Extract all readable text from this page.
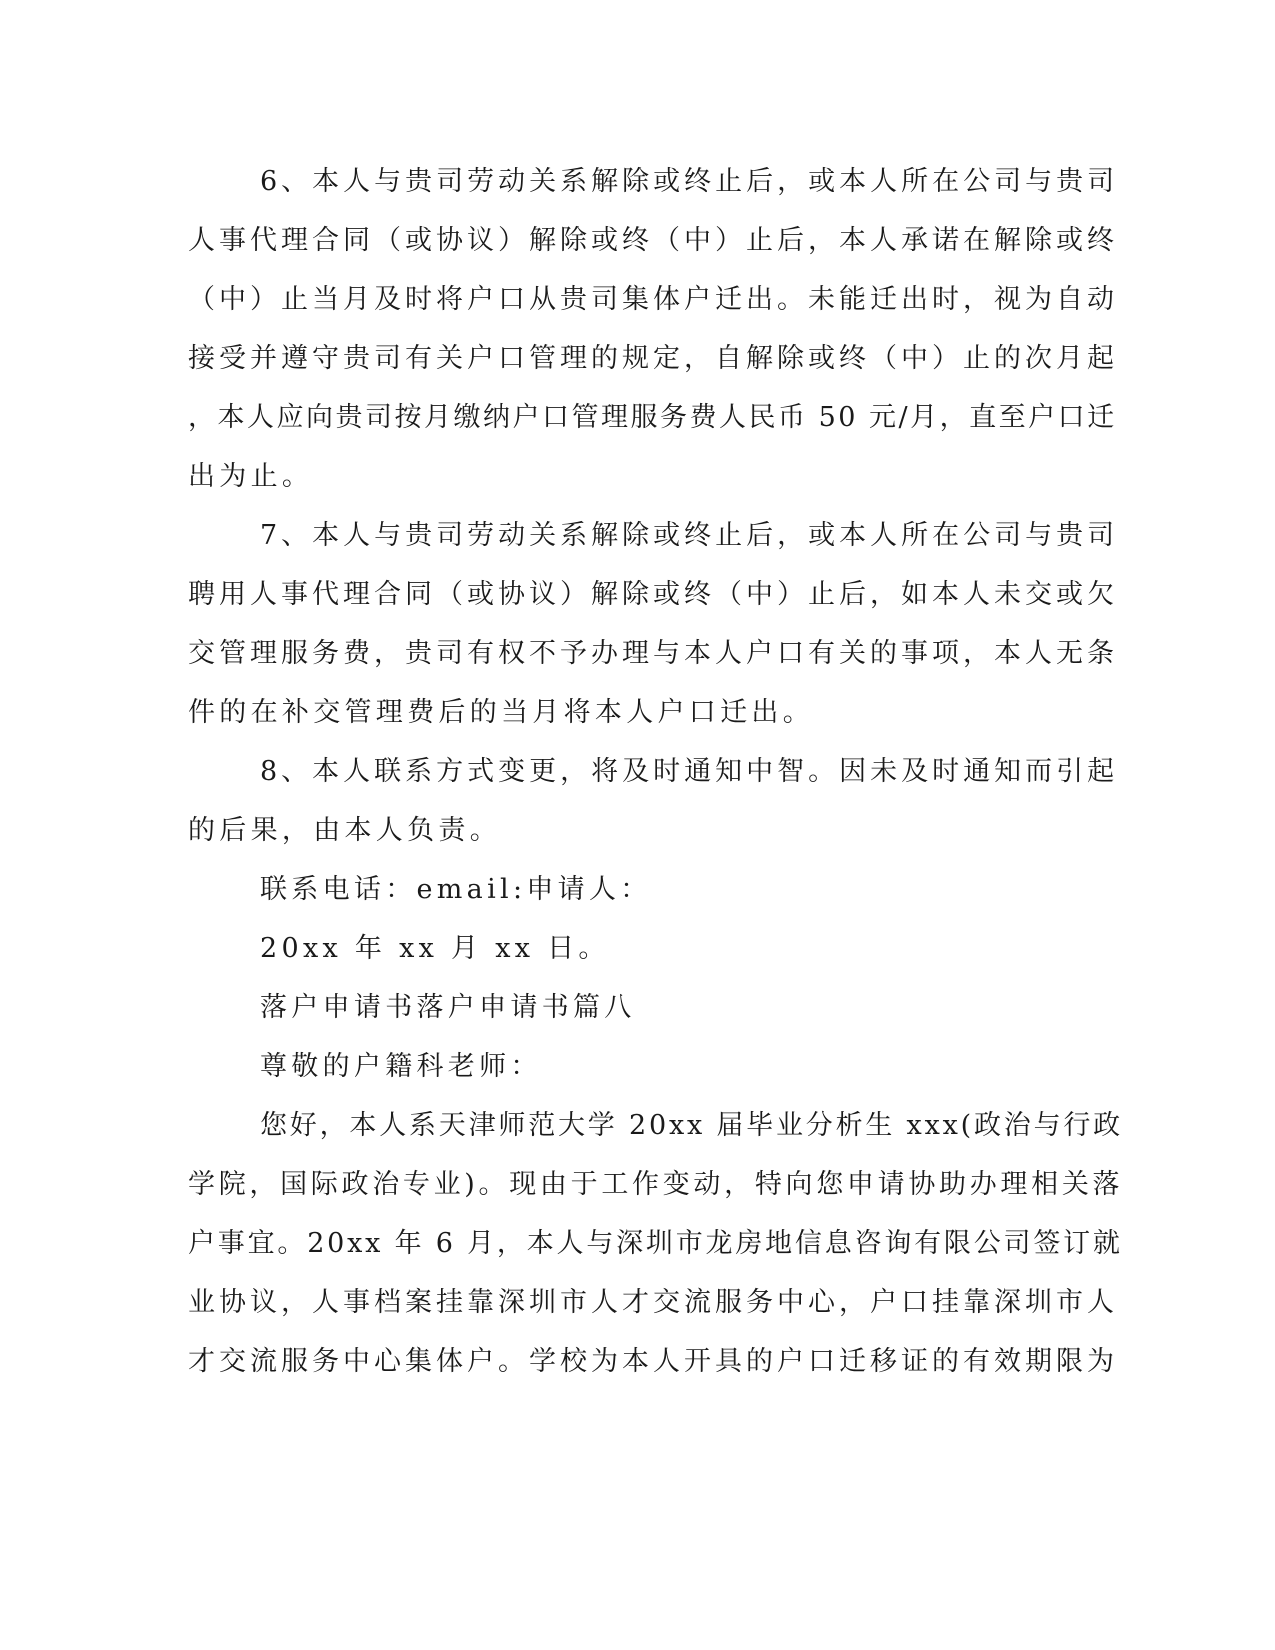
6、本人与贵司劳动关系解除或终止后，或本人所在公司与贵司
人事代理合同（或协议）解除或终（中）止后，本人承诺在解除或终
（中）止当月及时将户口从贵司集体户迁出。未能迁出时，视为自动
接受并遵守贵司有关户口管理的规定，自解除或终（中）止的次月起
，本人应向贵司按月缴纳户口管理服务费人民币 50 元/月，直至户口迁
出为止。
7、本人与贵司劳动关系解除或终止后，或本人所在公司与贵司
聘用人事代理合同（或协议）解除或终（中）止后，如本人未交或欠
交管理服务费，贵司有权不予办理与本人户口有关的事项，本人无条
件的在补交管理费后的当月将本人户口迁出。
8、本人联系方式变更，将及时通知中智。因未及时通知而引起
的后果，由本人负责。
联系电话：email:申请人：
20xx 年 xx 月 xx 日。
落户申请书落户申请书篇八
尊敬的户籍科老师：
您好，本人系天津师范大学 20xx 届毕业分析生 xxx(政治与行政
学院，国际政治专业)。现由于工作变动，特向您申请协助办理相关落
户事宜。20xx 年 6 月，本人与深圳市龙房地信息咨询有限公司签订就
业协议，人事档案挂靠深圳市人才交流服务中心，户口挂靠深圳市人
才交流服务中心集体户。学校为本人开具的户口迁移证的有效期限为
